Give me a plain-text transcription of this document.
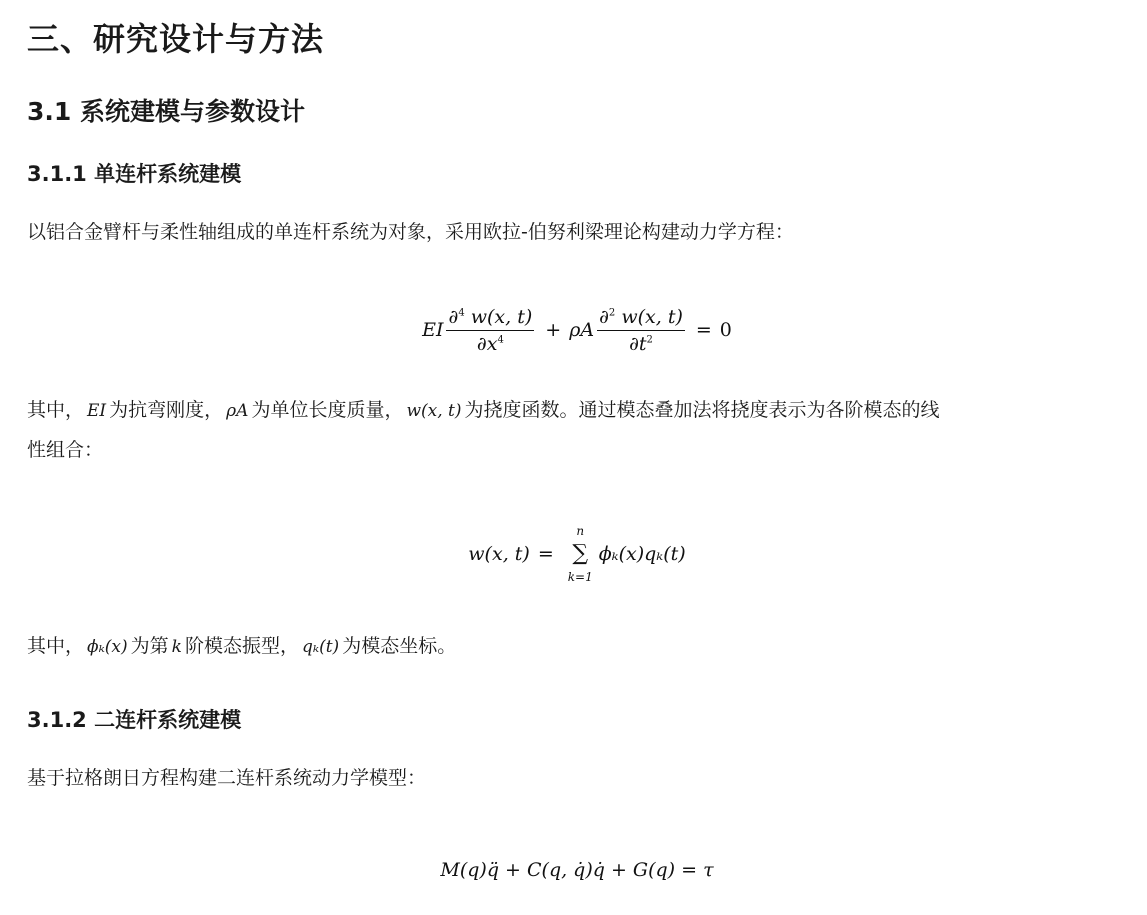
三、研究设计与方法
3.1 系统建模与参数设计
3.1.1 单连杆系统建模
以铝合金臂杆与柔性轴组成的单连杆系统为对象，采用欧拉-伯努利梁理论构建动力学方程：
EI $\frac{\partial^4 w(x, t)}{\partial x^4} + \rho A \frac{\partial^2 w(x, t)}{\partial t^2} = 0$
其中， EI 为抗弯刚度， ρA 为单位长度质量， w(x, t) 为挠度函数。通过模态叠加法将挠度表示为各阶模态的线
性组合：
w(x, t) =
n
∑
k=1
ϕₖ(x)qₖ(t)
其中， ϕₖ(x) 为第 k 阶模态振型， qₖ(t) 为模态坐标。
3.1.2 二连杆系统建模
基于拉格朗日方程构建二连杆系统动力学模型：
M(q)q̈ + C(q, q̇)q̇ + G(q) = τ
